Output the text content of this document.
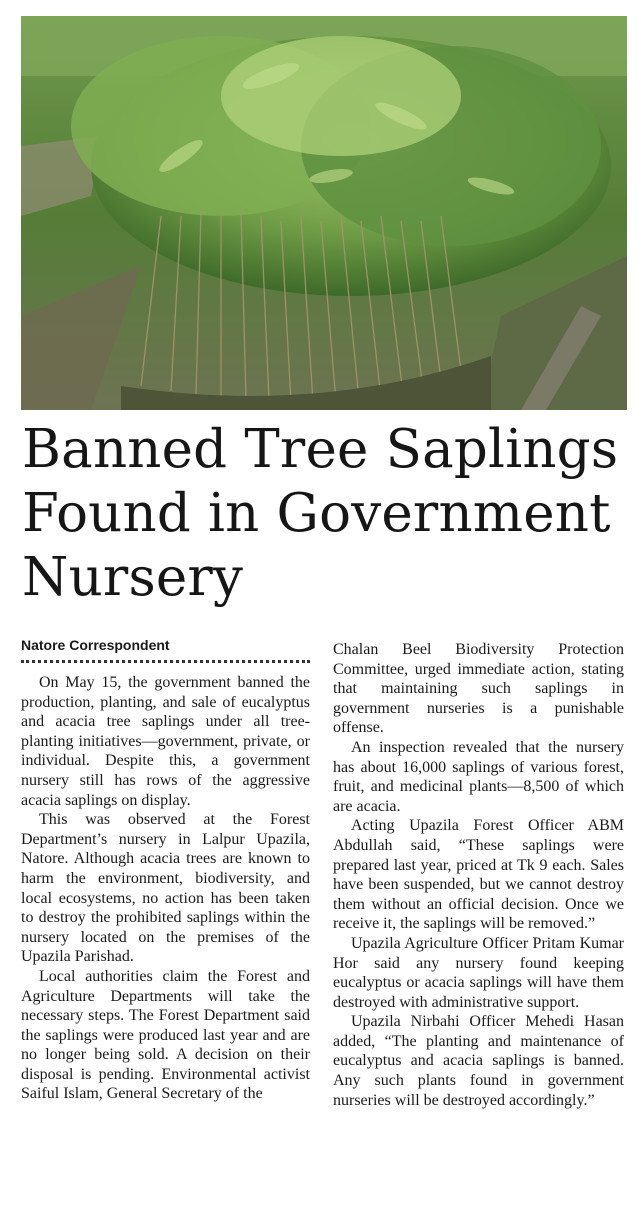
Banned Tree Saplings Found in Government Nursery
Natore Correspondent

On May 15, the government banned the production, planting, and sale of eucalyptus and acacia tree saplings under all tree-planting initiatives—government, private, or individual. Despite this, a government nursery still has rows of the aggressive acacia saplings on display.

This was observed at the Forest Department’s nursery in Lalpur Upazila, Natore. Although acacia trees are known to harm the environment, biodiversity, and local ecosystems, no action has been taken to destroy the prohibited saplings within the nursery located on the premises of the Upazila Parishad.

Local authorities claim the Forest and Agriculture Departments will take the necessary steps. The Forest Department said the saplings were produced last year and are no longer being sold. A decision on their disposal is pending. Environmental activist Saiful Islam, General Secretary of the

Chalan Beel Biodiversity Protection Committee, urged immediate action, stating that maintaining such saplings in government nurseries is a punishable offense.

An inspection revealed that the nursery has about 16,000 saplings of various forest, fruit, and medicinal plants—8,500 of which are acacia.

Acting Upazila Forest Officer ABM Abdullah said, “These saplings were prepared last year, priced at Tk 9 each. Sales have been suspended, but we cannot destroy them without an official decision. Once we receive it, the saplings will be removed.”

Upazila Agriculture Officer Pritam Kumar Hor said any nursery found keeping eucalyptus or acacia saplings will have them destroyed with administrative support.

Upazila Nirbahi Officer Mehedi Hasan added, “The planting and maintenance of eucalyptus and acacia saplings is banned. Any such plants found in government nurseries will be destroyed accordingly.”
